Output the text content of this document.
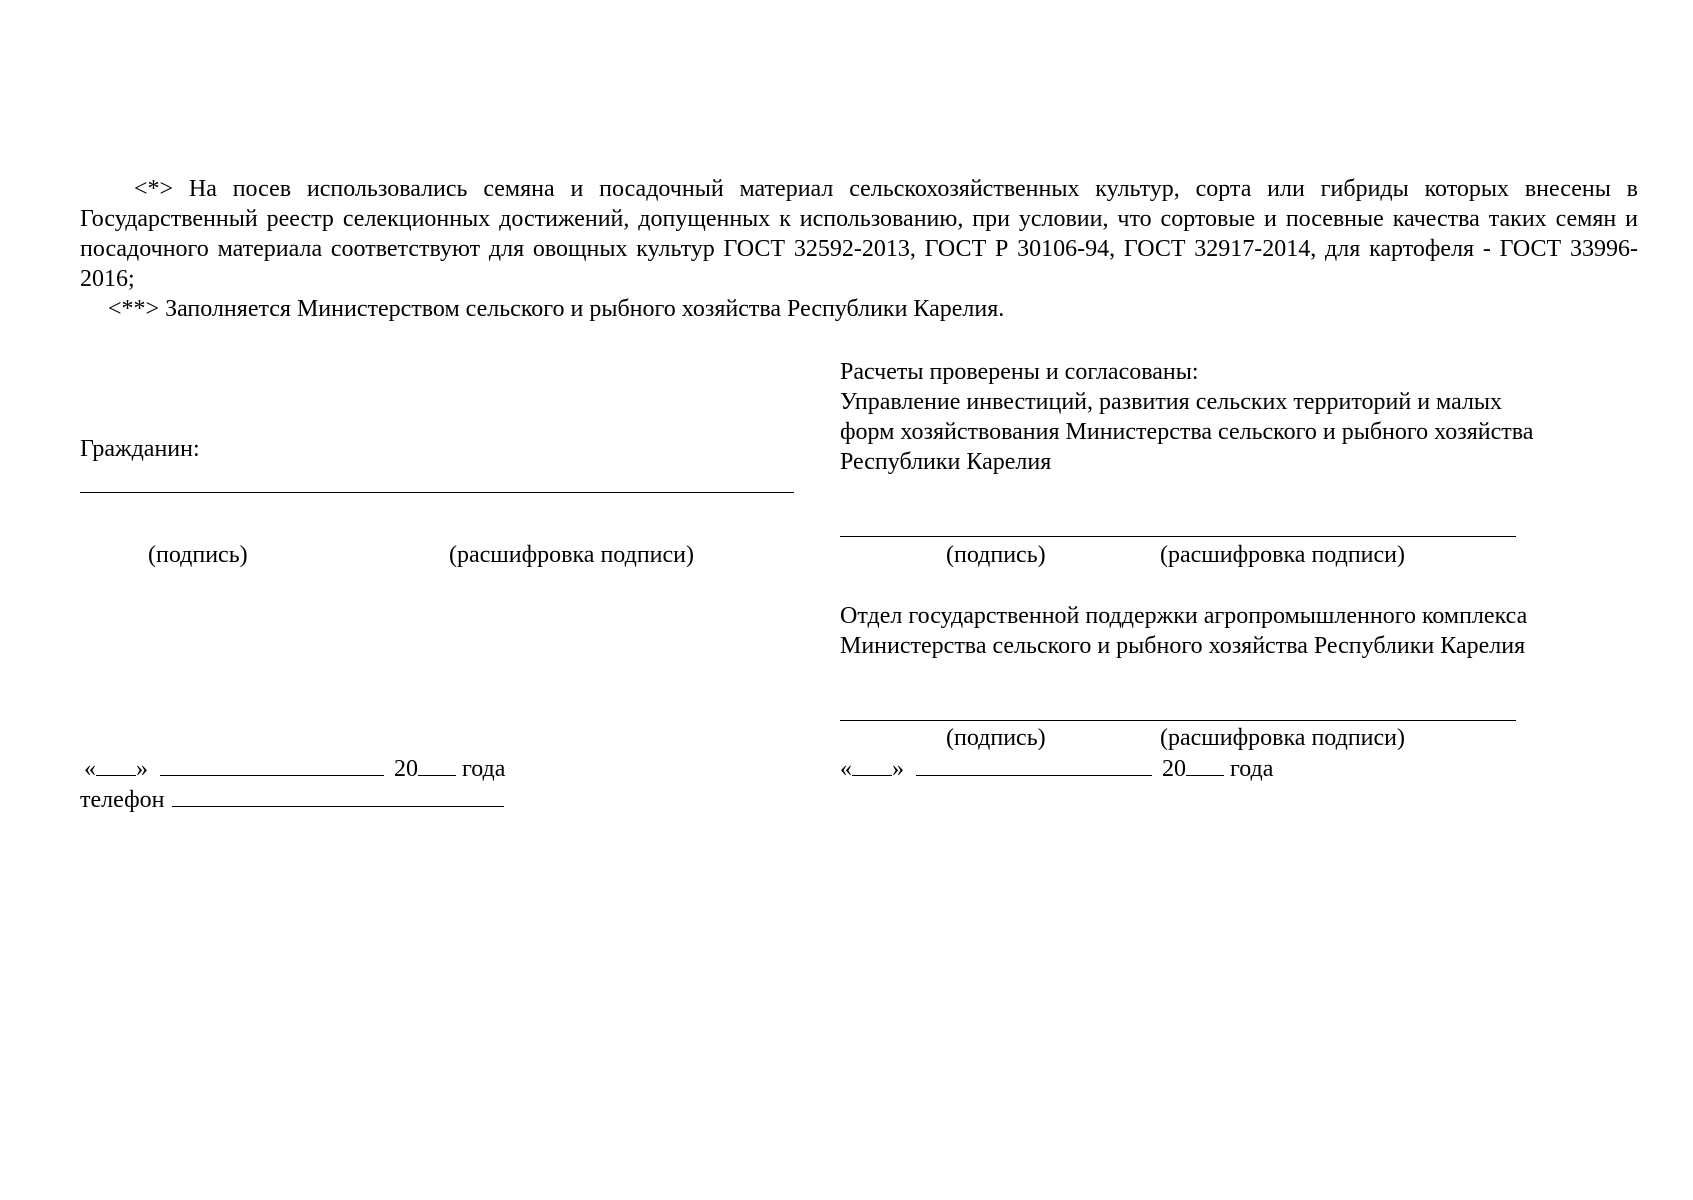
<*> На посев использовались семяна и посадочный материал сельскохозяйственных культур, сорта или гибриды которых внесены в Государственный реестр селекционных достижений, допущенных к использованию, при условии, что сортовые и посевные качества таких семян и посадочного материала соответствуют для овощных культур ГОСТ 32592-2013, ГОСТ Р 30106-94, ГОСТ 32917-2014, для картофеля - ГОСТ 33996-2016;

<**> Заполняется Министерством сельского и рыбного хозяйства Республики Карелия.

Гражданин:
(подпись)	(расшифровка подписи)
« »	20 года
телефон
Расчеты проверены и согласованы:
Управление инвестиций, развития сельских территорий и малых
форм хозяйствования Министерства сельского и рыбного хозяйства
Республики Карелия
(подпись)	(расшифровка подписи)
Отдел государственной поддержки агропромышленного комплекса
Министерства сельского и рыбного хозяйства Республики Карелия
(подпись)	(расшифровка подписи)
« »	20 года
